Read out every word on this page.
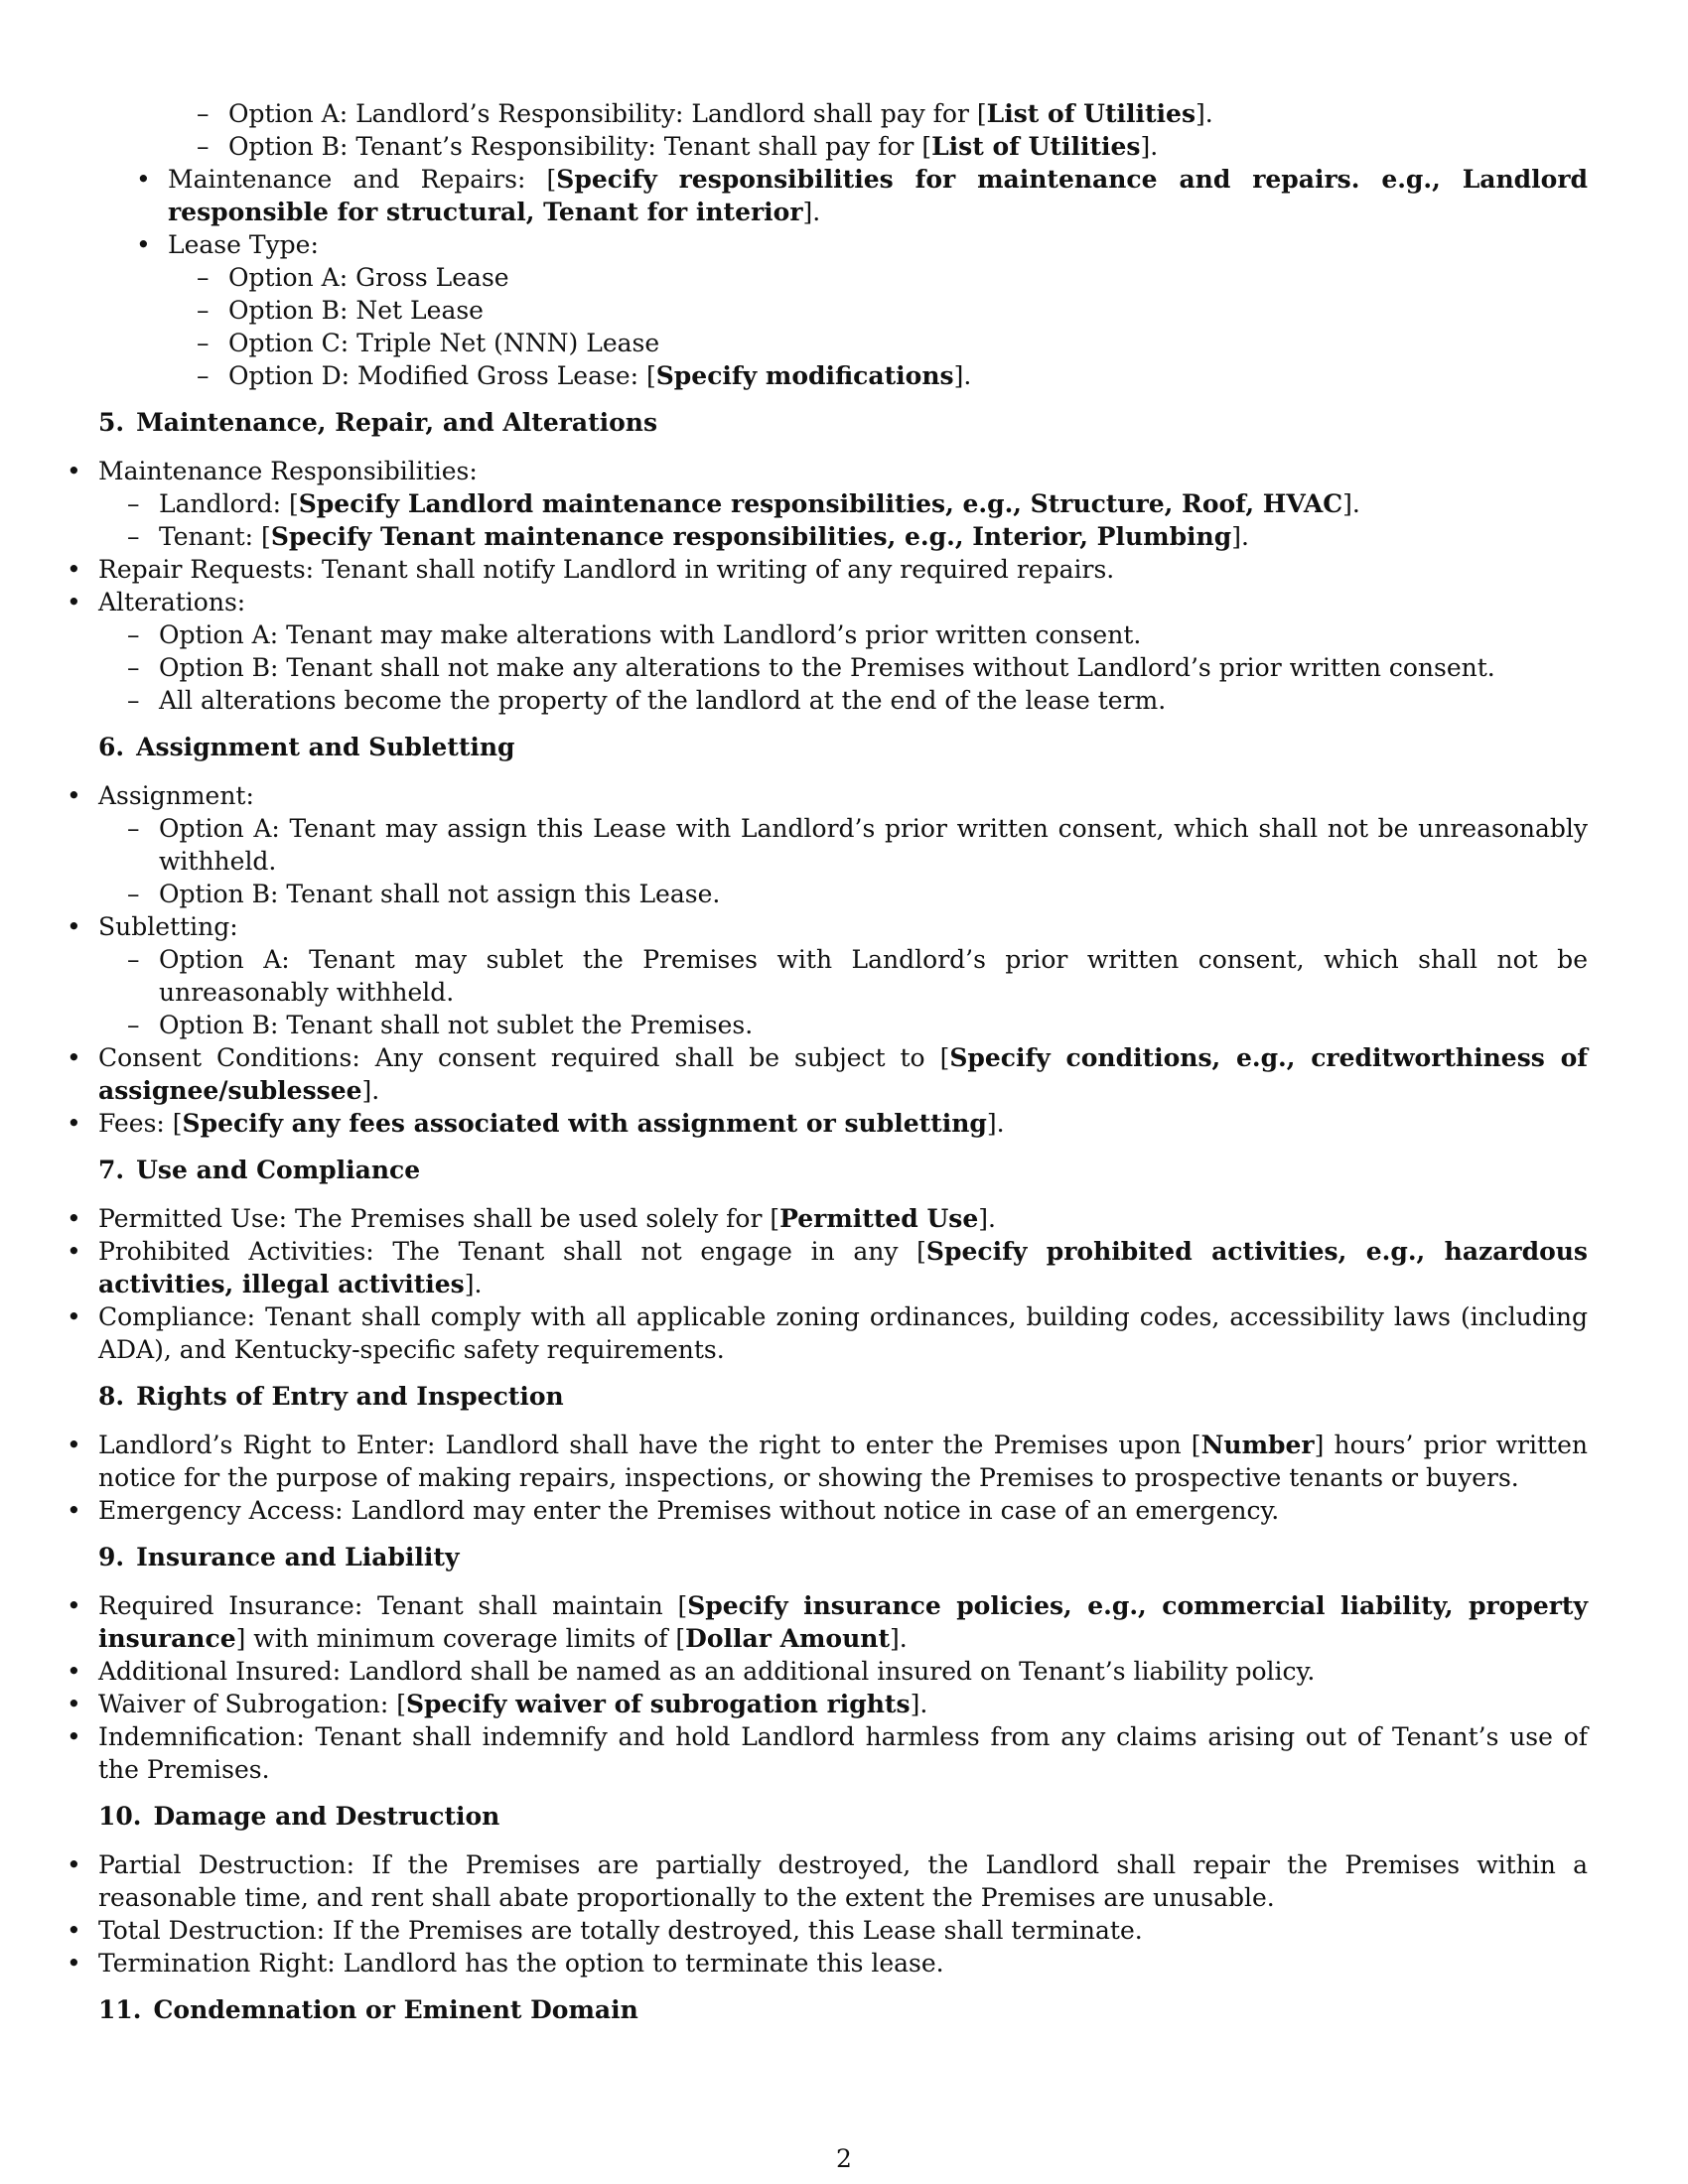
– Option A: Landlord’s Responsibility: Landlord shall pay for [List of Utilities].
– Option B: Tenant’s Responsibility: Tenant shall pay for [List of Utilities].
• Maintenance and Repairs: [Specify responsibilities for maintenance and repairs. e.g., Landlord responsible for structural, Tenant for interior].
• Lease Type:
– Option A: Gross Lease
– Option B: Net Lease
– Option C: Triple Net (NNN) Lease
– Option D: Modified Gross Lease: [Specify modifications].
5. Maintenance, Repair, and Alterations
• Maintenance Responsibilities:
– Landlord: [Specify Landlord maintenance responsibilities, e.g., Structure, Roof, HVAC].
– Tenant: [Specify Tenant maintenance responsibilities, e.g., Interior, Plumbing].
• Repair Requests: Tenant shall notify Landlord in writing of any required repairs.
• Alterations:
– Option A: Tenant may make alterations with Landlord’s prior written consent.
– Option B: Tenant shall not make any alterations to the Premises without Landlord’s prior written consent.
– All alterations become the property of the landlord at the end of the lease term.
6. Assignment and Subletting
• Assignment:
– Option A: Tenant may assign this Lease with Landlord’s prior written consent, which shall not be unreasonably withheld.
– Option B: Tenant shall not assign this Lease.
• Subletting:
– Option A: Tenant may sublet the Premises with Landlord’s prior written consent, which shall not be unreasonably withheld.
– Option B: Tenant shall not sublet the Premises.
• Consent Conditions: Any consent required shall be subject to [Specify conditions, e.g., creditworthiness of assignee/sublessee].
• Fees: [Specify any fees associated with assignment or subletting].
7. Use and Compliance
• Permitted Use: The Premises shall be used solely for [Permitted Use].
• Prohibited Activities: The Tenant shall not engage in any [Specify prohibited activities, e.g., hazardous activities, illegal activities].
• Compliance: Tenant shall comply with all applicable zoning ordinances, building codes, accessibility laws (including ADA), and Kentucky-specific safety requirements.
8. Rights of Entry and Inspection
• Landlord’s Right to Enter: Landlord shall have the right to enter the Premises upon [Number] hours’ prior written notice for the purpose of making repairs, inspections, or showing the Premises to prospective tenants or buyers.
• Emergency Access: Landlord may enter the Premises without notice in case of an emergency.
9. Insurance and Liability
• Required Insurance: Tenant shall maintain [Specify insurance policies, e.g., commercial liability, property insurance] with minimum coverage limits of [Dollar Amount].
• Additional Insured: Landlord shall be named as an additional insured on Tenant’s liability policy.
• Waiver of Subrogation: [Specify waiver of subrogation rights].
• Indemnification: Tenant shall indemnify and hold Landlord harmless from any claims arising out of Tenant’s use of the Premises.
10. Damage and Destruction
• Partial Destruction: If the Premises are partially destroyed, the Landlord shall repair the Premises within a reasonable time, and rent shall abate proportionally to the extent the Premises are unusable.
• Total Destruction: If the Premises are totally destroyed, this Lease shall terminate.
• Termination Right: Landlord has the option to terminate this lease.
11. Condemnation or Eminent Domain
2
